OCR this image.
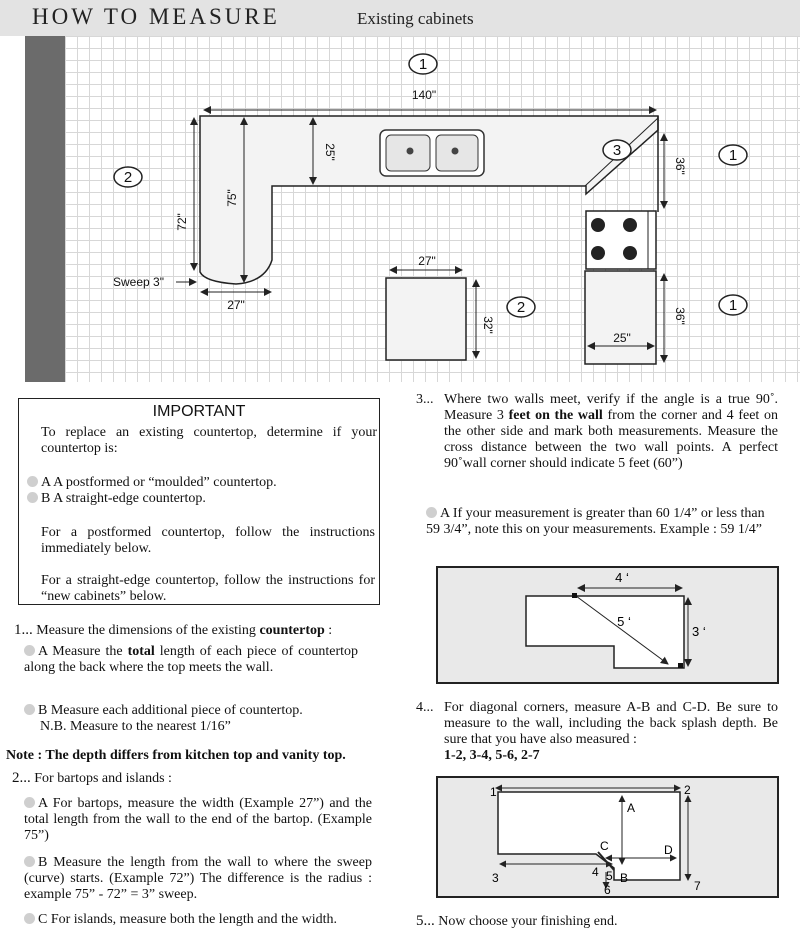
HOW TO MEASURE	Existing cabinets
1
1
1
2
2
3
140"
25"
36"
72"
75"
Sweep 3"
27"
27"
32"
36"
25"
IMPORTANT
To replace an existing countertop, determine if your countertop is:
A A postformed or “moulded” countertop.
B A straight-edge countertop.
For a postformed countertop, follow the instructions immediately below.
For a straight-edge countertop, follow the instructions for “new cabinets” below.
1... Measure the dimensions of the existing countertop :
A Measure the total length of each piece of countertop along the back where the top meets the wall.
B Measure each additional piece of countertop.
N.B. Measure to the nearest 1/16”
Note : The depth differs from kitchen top and vanity top.
2... For bartops and islands :
A For bartops, measure the width (Example 27”) and the total length from the wall to the end of the bartop. (Example 75”)
B Measure the length from the wall to where the sweep (curve) starts. (Example 72”) The difference is the radius : example 75” - 72” = 3” sweep.
C For islands, measure both the length and the width.
3... Where two walls meet, verify if the angle is a true 90˚. Measure 3 feet on the wall from the corner and 4 feet on the other side and mark both measurements. Measure the cross distance between the two wall points. A perfect 90˚wall corner should indicate 5 feet (60”)
A If your measurement is greater than 60 1/4” or less than 59 3/4”, note this on your measurements. Example : 59 1/4”
4 ‘
5 ‘
3 ‘
4... For diagonal corners, measure A-B and C-D. Be sure to measure to the wall, including the back splash depth. Be sure that you have also measured :
1-2, 3-4, 5-6, 2-7
1	2
3	4 5
6	7
A
B
C	D
5... Now choose your finishing end.
